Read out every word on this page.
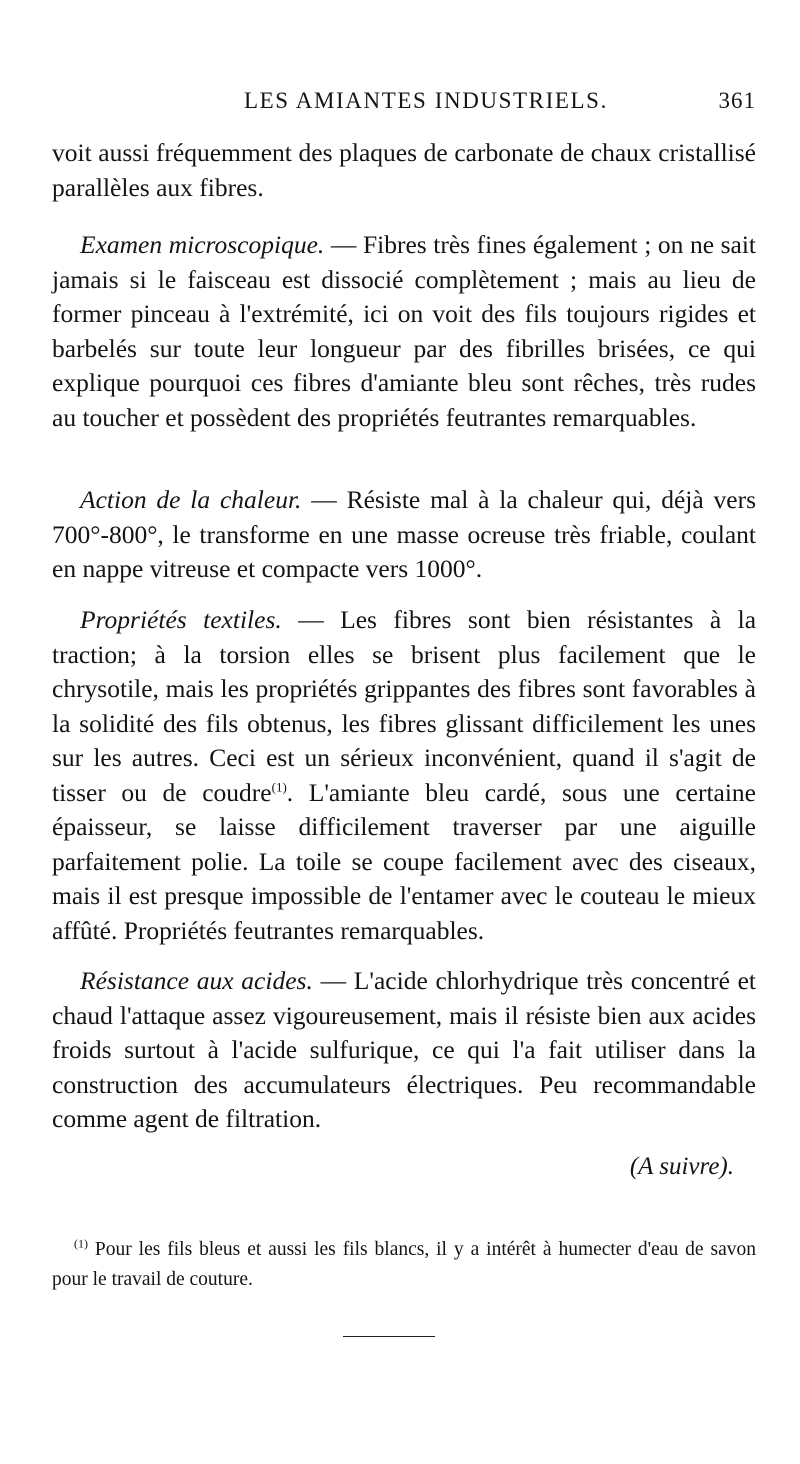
LES AMIANTES INDUSTRIELS.	361

voit aussi fréquemment des plaques de carbonate de chaux cristallisé parallèles aux fibres.

Examen microscopique. — Fibres très fines également ; on ne sait jamais si le faisceau est dissocié complètement ; mais au lieu de former pinceau à l'extrémité, ici on voit des fils toujours rigides et barbelés sur toute leur longueur par des fibrilles brisées, ce qui explique pourquoi ces fibres d'amiante bleu sont rêches, très rudes au toucher et possèdent des propriétés feutrantes remarquables.

Action de la chaleur. — Résiste mal à la chaleur qui, déjà vers 700°-800°, le transforme en une masse ocreuse très friable, coulant en nappe vitreuse et compacte vers 1000°.

Propriétés textiles. — Les fibres sont bien résistantes à la traction; à la torsion elles se brisent plus facilement que le chrysotile, mais les propriétés grippantes des fibres sont favorables à la solidité des fils obtenus, les fibres glissant difficilement les unes sur les autres. Ceci est un sérieux inconvénient, quand il s'agit de tisser ou de coudre$^{(1)}$. L'amiante bleu cardé, sous une certaine épaisseur, se laisse difficilement traverser par une aiguille parfaitement polie. La toile se coupe facilement avec des ciseaux, mais il est presque impossible de l'entamer avec le couteau le mieux affûté. Propriétés feutrantes remarquables.

Résistance aux acides. — L'acide chlorhydrique très concentré et chaud l'attaque assez vigoureusement, mais il résiste bien aux acides froids surtout à l'acide sulfurique, ce qui l'a fait utiliser dans la construction des accumulateurs électriques. Peu recommandable comme agent de filtration.

(A suivre).
$^{(1)}$ Pour les fils bleus et aussi les fils blancs, il y a intérêt à humecter d'eau de savon pour le travail de couture.
